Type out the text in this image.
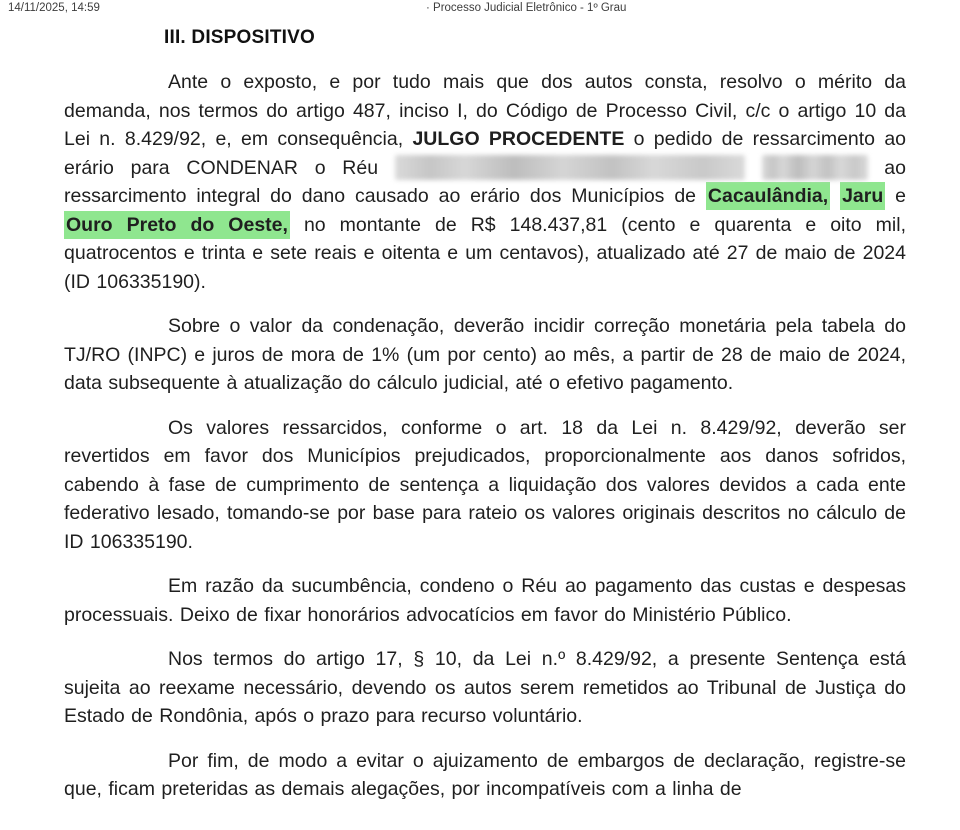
14/11/2025, 14:59	· Processo Judicial Eletrônico - 1º Grau
III. DISPOSITIVO

Ante o exposto, e por tudo mais que dos autos consta, resolvo o mérito da demanda, nos termos do artigo 487, inciso I, do Código de Processo Civil, c/c o artigo 10 da Lei n. 8.429/92, e, em consequência, JULGO PROCEDENTE o pedido de ressarcimento ao erário para CONDENAR o Réu	ao ressarcimento integral do dano causado ao erário dos Municípios de Cacaulândia, Jaru e Ouro Preto do Oeste, no montante de R$ 148.437,81 (cento e quarenta e oito mil, quatrocentos e trinta e sete reais e oitenta e um centavos), atualizado até 27 de maio de 2024 (ID 106335190).

Sobre o valor da condenação, deverão incidir correção monetária pela tabela do TJ/RO (INPC) e juros de mora de 1% (um por cento) ao mês, a partir de 28 de maio de 2024, data subsequente à atualização do cálculo judicial, até o efetivo pagamento.

Os valores ressarcidos, conforme o art. 18 da Lei n. 8.429/92, deverão ser revertidos em favor dos Municípios prejudicados, proporcionalmente aos danos sofridos, cabendo à fase de cumprimento de sentença a liquidação dos valores devidos a cada ente federativo lesado, tomando-se por base para rateio os valores originais descritos no cálculo de ID 106335190.

Em razão da sucumbência, condeno o Réu ao pagamento das custas e despesas processuais. Deixo de fixar honorários advocatícios em favor do Ministério Público.

Nos termos do artigo 17, § 10, da Lei n.º 8.429/92, a presente Sentença está sujeita ao reexame necessário, devendo os autos serem remetidos ao Tribunal de Justiça do Estado de Rondônia, após o prazo para recurso voluntário.

Por fim, de modo a evitar o ajuizamento de embargos de declaração, registre-se que, ficam preteridas as demais alegações, por incompatíveis com a linha de
